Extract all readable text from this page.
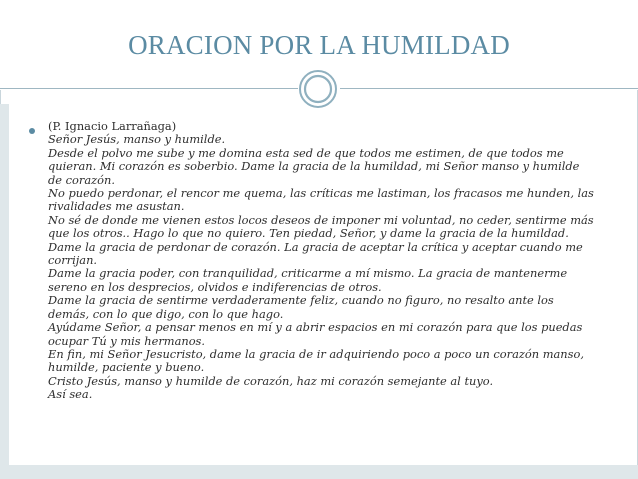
ORACION POR LA HUMILDAD
(P. Ignacio Larrañaga)
Señor Jesús, manso y humilde.
Desde el polvo me sube y me domina esta sed de que todos me estimen, de que todos me
quieran. Mi corazón es soberbio. Dame la gracia de la humildad, mi Señor manso y humilde
de corazón.
No puedo perdonar, el rencor me quema, las críticas me lastiman, los fracasos me hunden, las
rivalidades me asustan.
No sé de donde me vienen estos locos deseos de imponer mi voluntad, no ceder, sentirme más
que los otros.. Hago lo que no quiero. Ten piedad, Señor, y dame la gracia de la humildad.
Dame la gracia de perdonar de corazón. La gracia de aceptar la crítica y aceptar cuando me
corrijan.
Dame la gracia poder, con tranquilidad, criticarme a mí mismo. La gracia de mantenerme
sereno en los desprecios, olvidos e indiferencias de otros.
Dame la gracia de sentirme verdaderamente feliz, cuando no figuro, no resalto ante los
demás, con lo que digo, con lo que hago.
Ayúdame Señor, a pensar menos en mí y a abrir espacios en mi corazón para que los puedas
ocupar Tú y mis hermanos.
En fin, mi Señor Jesucristo, dame la gracia de ir adquiriendo poco a poco un corazón manso,
humilde, paciente y bueno.
Cristo Jesús, manso y humilde de corazón, haz mi corazón semejante al tuyo.
Así sea.
